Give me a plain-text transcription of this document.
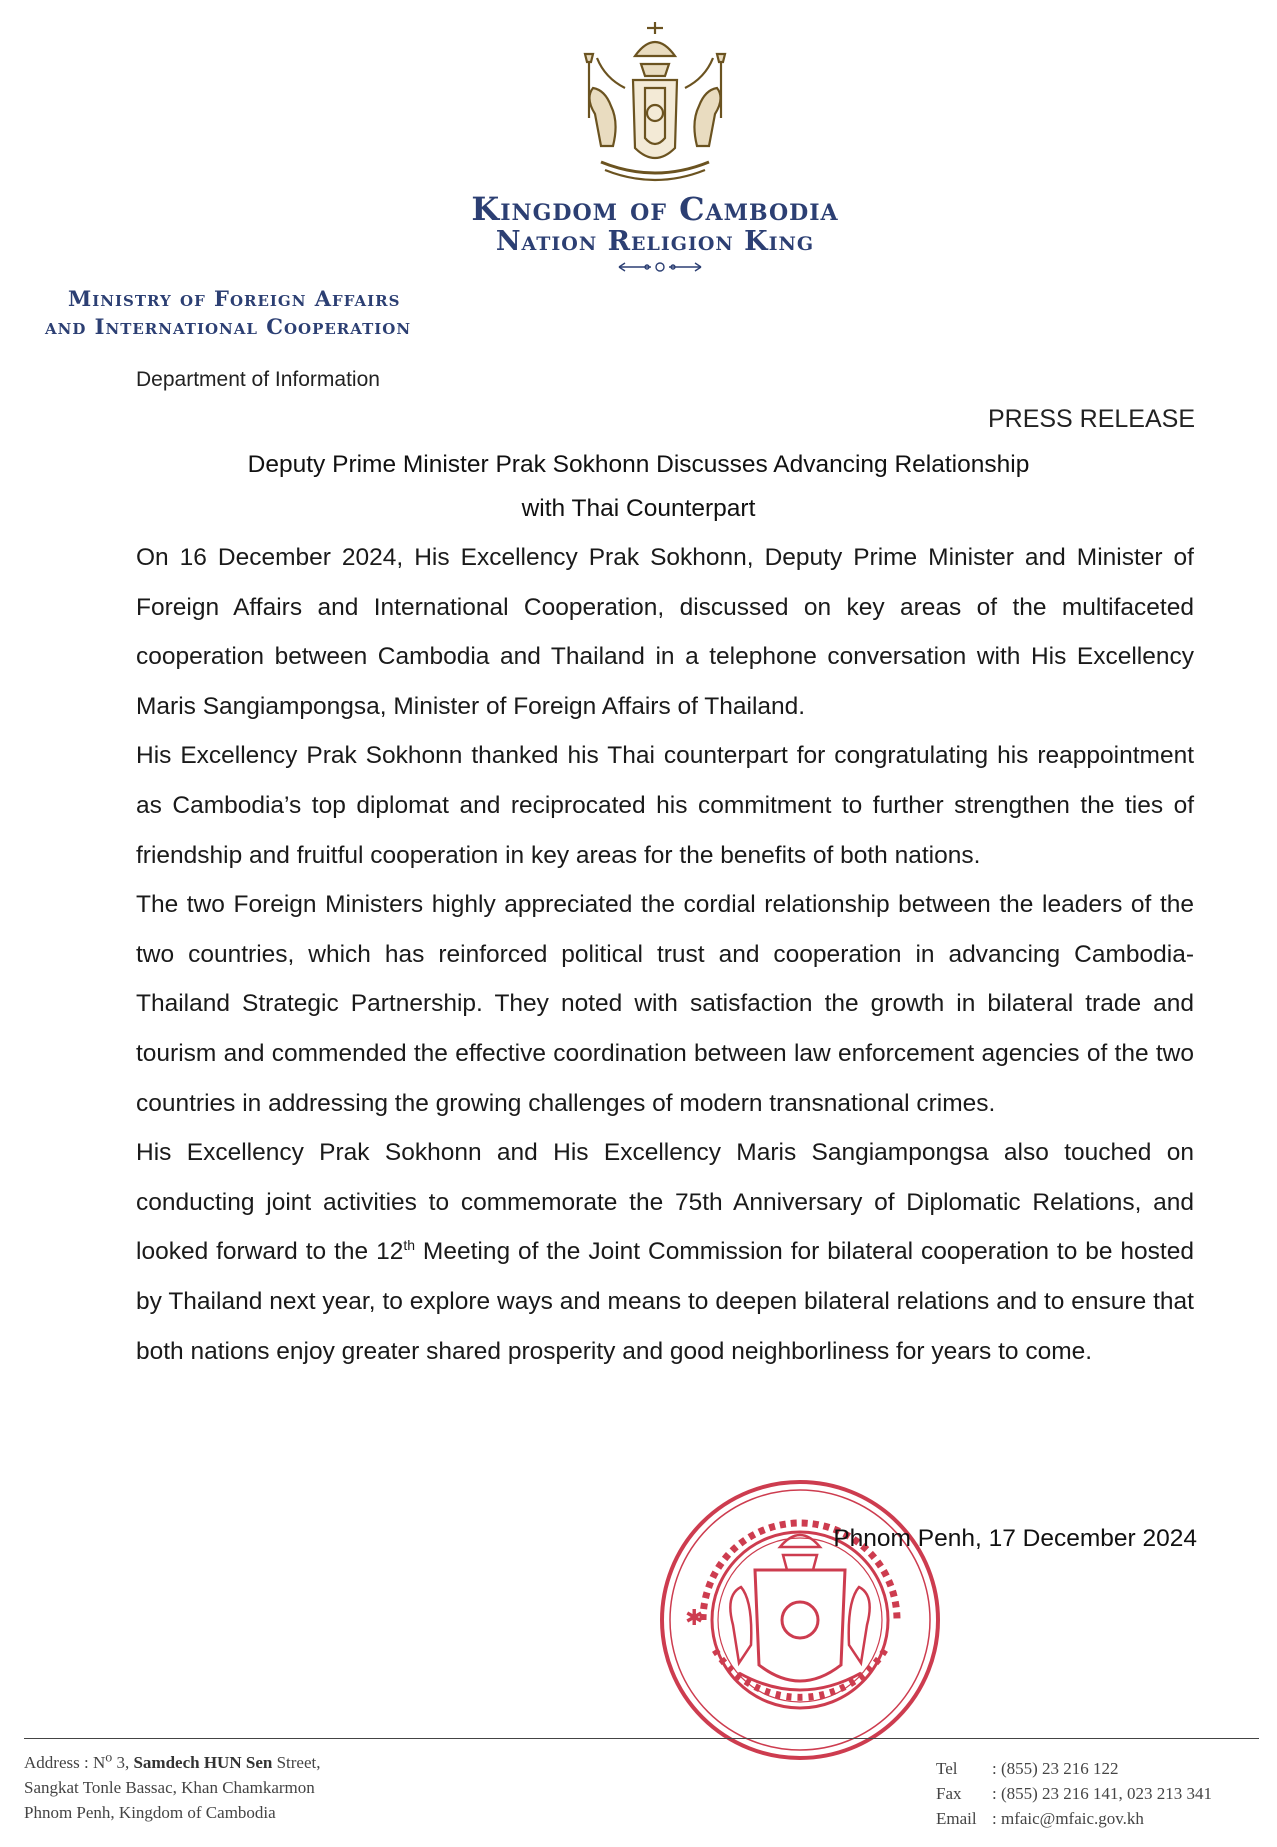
Kingdom of Cambodia
Nation Religion King
Ministry of Foreign Affairs
and International Cooperation
Department of Information
PRESS RELEASE
Deputy Prime Minister Prak Sokhonn Discusses Advancing Relationship
with Thai Counterpart

On 16 December 2024, His Excellency Prak Sokhonn, Deputy Prime Minister and Minister of Foreign Affairs and International Cooperation, discussed on key areas of the multifaceted cooperation between Cambodia and Thailand in a telephone conversation with His Excellency Maris Sangiampongsa, Minister of Foreign Affairs of Thailand.

His Excellency Prak Sokhonn thanked his Thai counterpart for congratulating his reappointment as Cambodia’s top diplomat and reciprocated his commitment to further strengthen the ties of friendship and fruitful cooperation in key areas for the benefits of both nations.

The two Foreign Ministers highly appreciated the cordial relationship between the leaders of the two countries, which has reinforced political trust and cooperation in advancing Cambodia-Thailand Strategic Partnership. They noted with satisfaction the growth in bilateral trade and tourism and commended the effective coordination between law enforcement agencies of the two countries in addressing the growing challenges of modern transnational crimes.

His Excellency Prak Sokhonn and His Excellency Maris Sangiampongsa also touched on conducting joint activities to commemorate the 75th Anniversary of Diplomatic Relations, and looked forward to the 12th Meeting of the Joint Commission for bilateral cooperation to be hosted by Thailand next year, to explore ways and means to deepen bilateral relations and to ensure that both nations enjoy greater shared prosperity and good neighborliness for years to come.

✱
Phnom Penh, 17 December 2024
Address : $N^o$ 3, Samdech HUN Sen Street,
Sangkat Tonle Bassac, Khan Chamkarmon
Phnom Penh, Kingdom of Cambodia
Tel	: (855) 23 216 122
Fax	: (855) 23 216 141, 023 213 341
Email : mfaic@mfaic.gov.kh
